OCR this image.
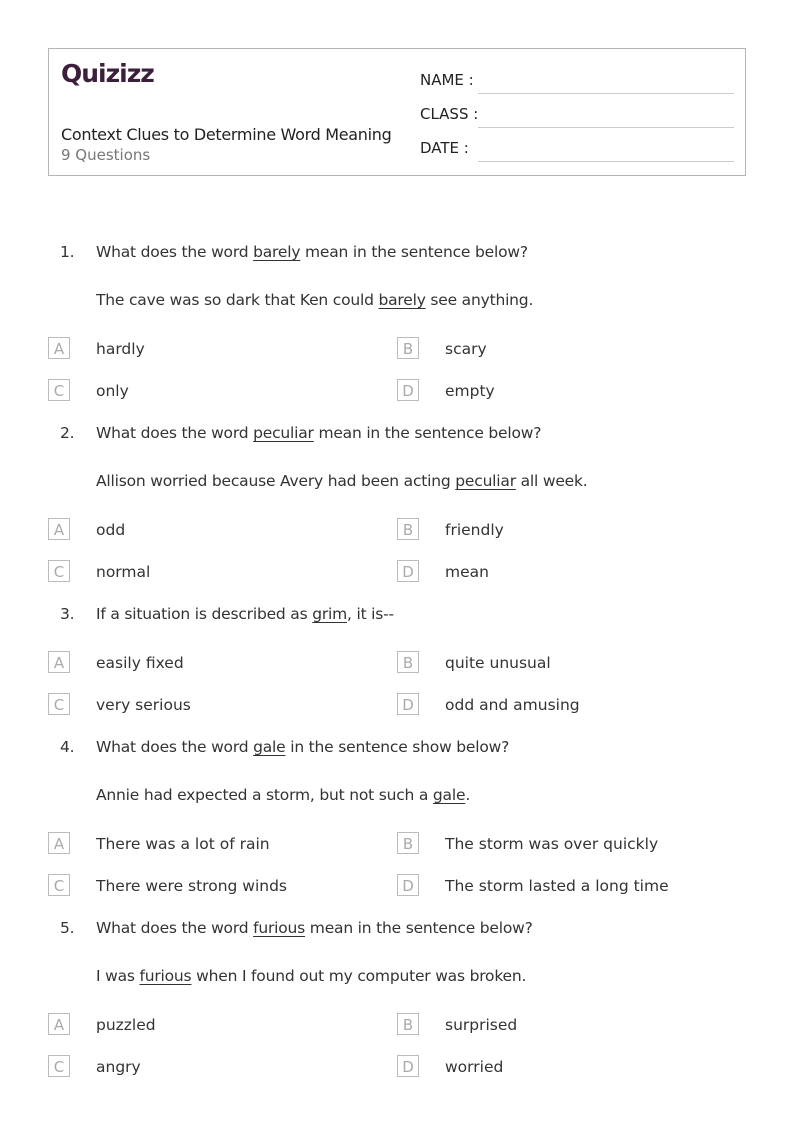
Quizizz
Context Clues to Determine Word Meaning
9 Questions
NAME :
CLASS :
DATE :
1. What does the word barely mean in the sentence below?
The cave was so dark that Ken could barely see anything.
A	hardly	B	scary
C	only	D	empty
2. What does the word peculiar mean in the sentence below?
Allison worried because Avery had been acting peculiar all week.
A	odd	B	friendly
C	normal	D	mean
3. If a situation is described as grim, it is--
A	easily fixed	B	quite unusual
C	very serious	D	odd and amusing
4. What does the word gale in the sentence show below?
Annie had expected a storm, but not such a gale.
A	There was a lot of rain	B	The storm was over quickly
C	There were strong winds	D	The storm lasted a long time
5. What does the word furious mean in the sentence below?
I was furious when I found out my computer was broken.
A	puzzled	B	surprised
C	angry	D	worried
